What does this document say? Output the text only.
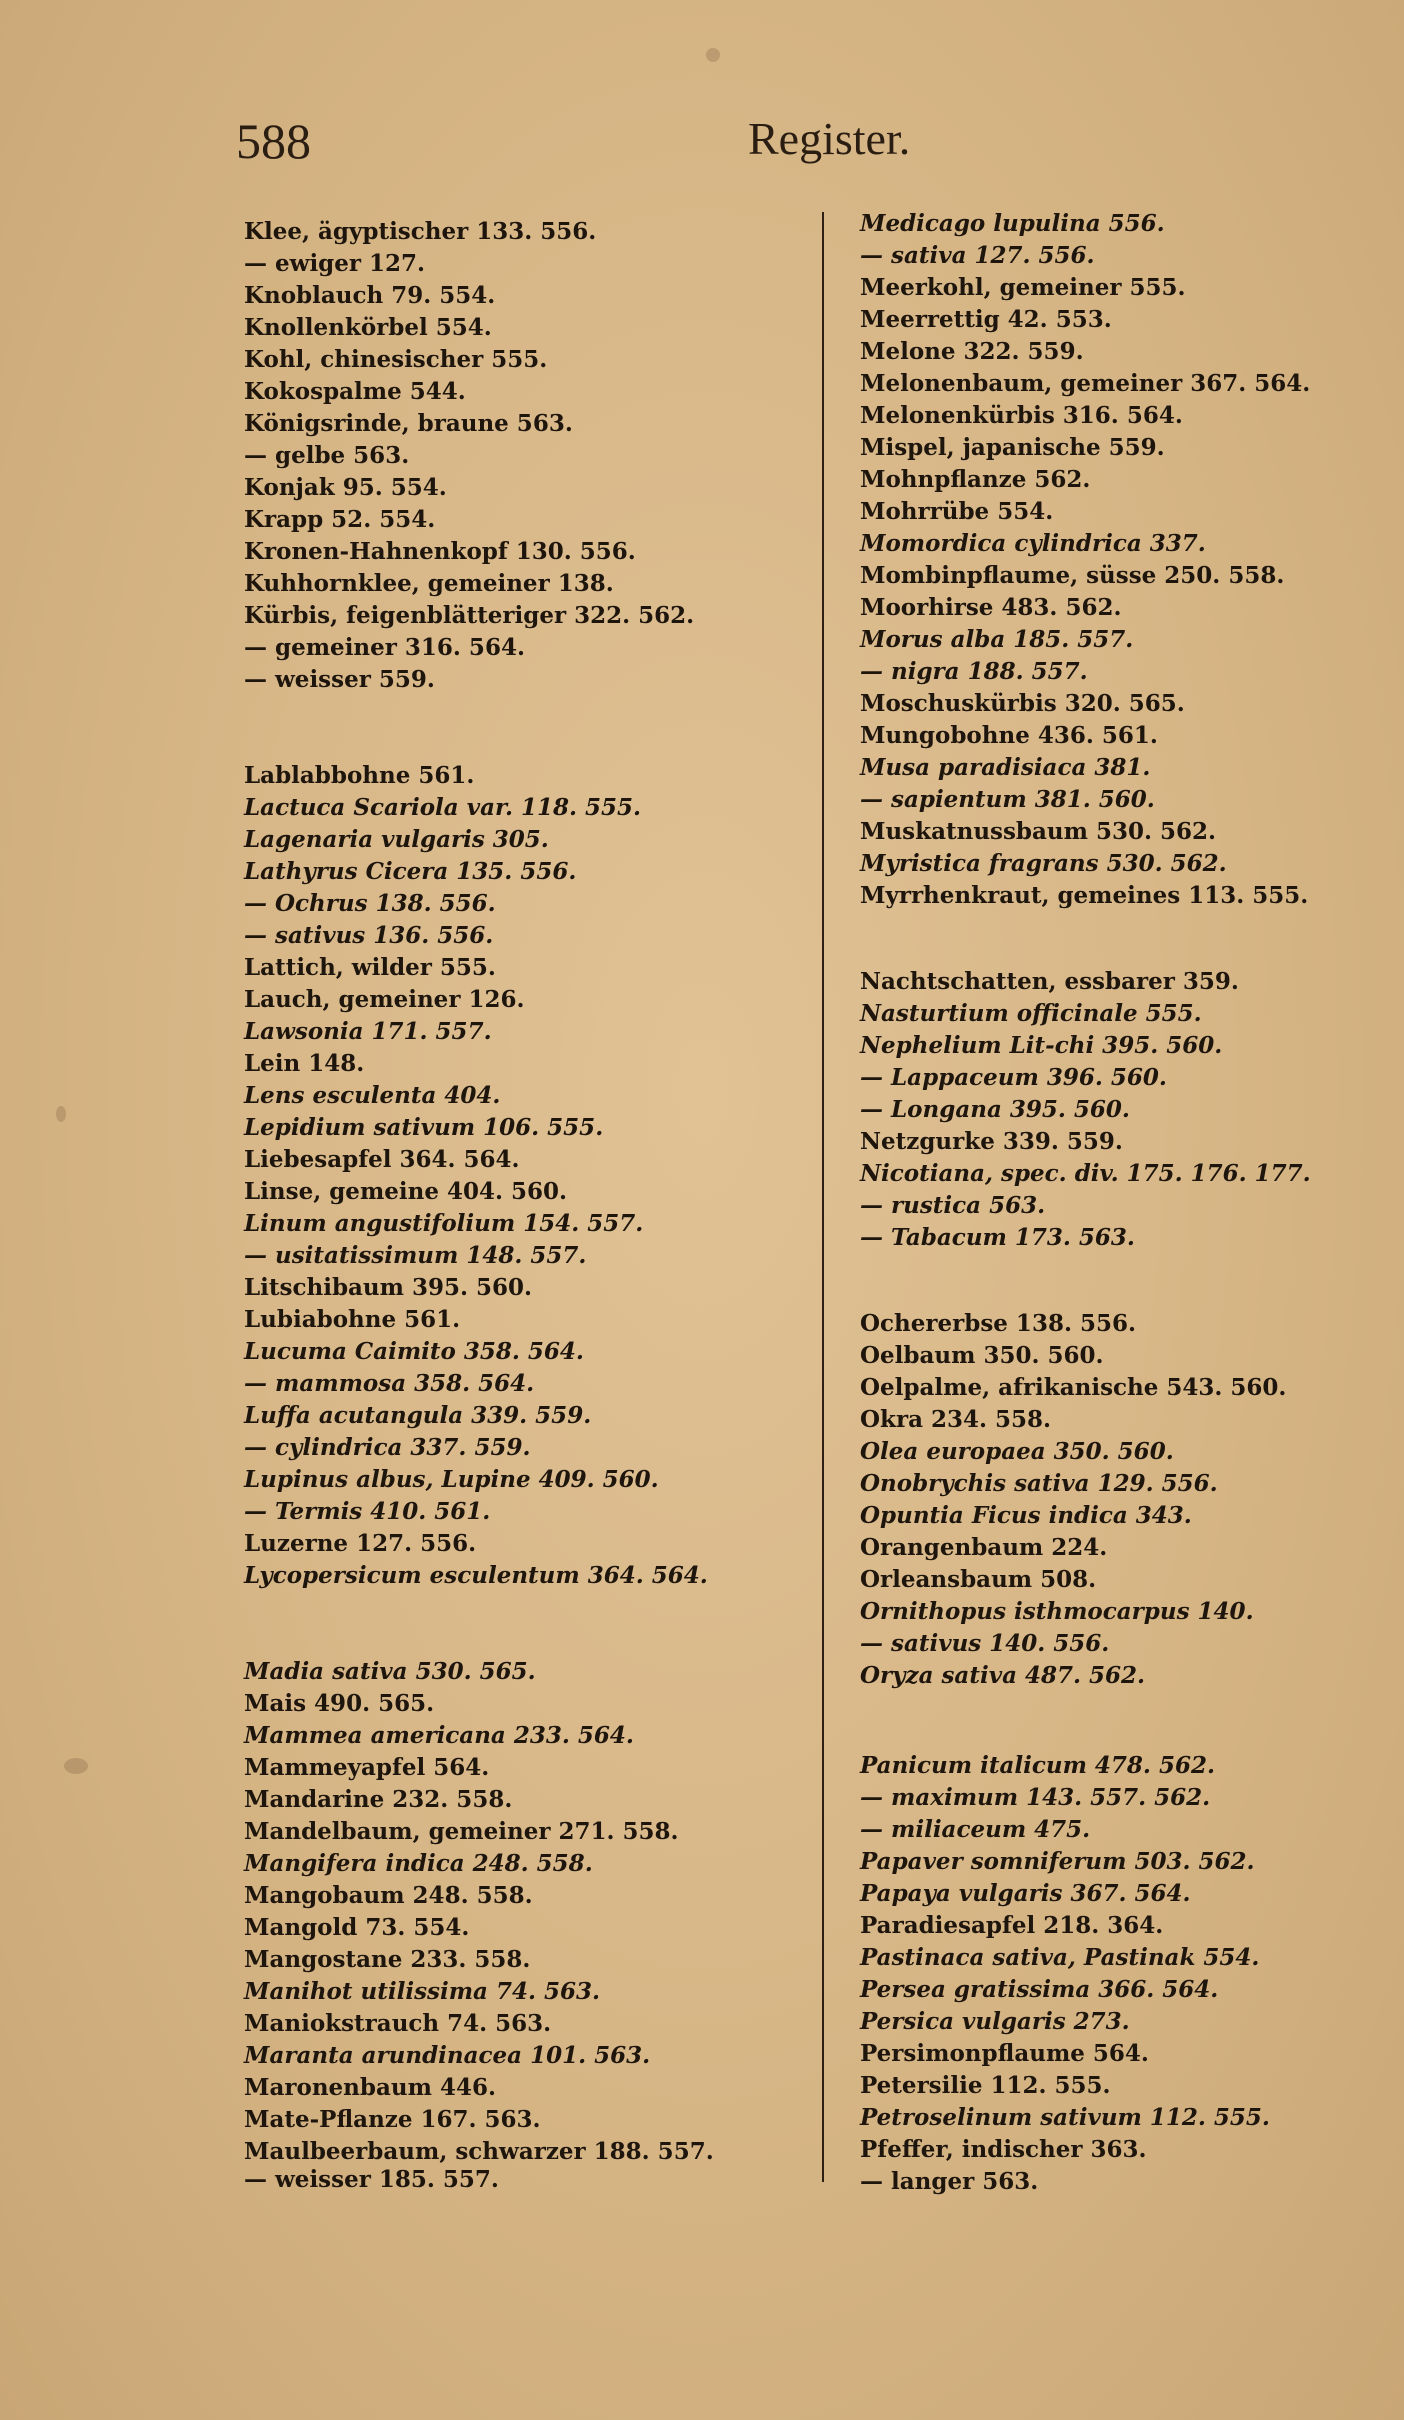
588	Register.
Klee, ägyptischer 133. 556.
— ewiger 127.
Knoblauch 79. 554.
Knollenkörbel 554.
Kohl, chinesischer 555.
Kokospalme 544.
Königsrinde, braune 563.
— gelbe 563.
Konjak 95. 554.
Krapp 52. 554.
Kronen-Hahnenkopf 130. 556.
Kuhhornklee, gemeiner 138.
Kürbis, feigenblätteriger 322. 562.
— gemeiner 316. 564.
— weisser 559.
Lablabbohne 561.
Lactuca Scariola var. 118. 555.
Lagenaria vulgaris 305.
Lathyrus Cicera 135. 556.
— Ochrus 138. 556.
— sativus 136. 556.
Lattich, wilder 555.
Lauch, gemeiner 126.
Lawsonia 171. 557.
Lein 148.
Lens esculenta 404.
Lepidium sativum 106. 555.
Liebesapfel 364. 564.
Linse, gemeine 404. 560.
Linum angustifolium 154. 557.
— usitatissimum 148. 557.
Litschibaum 395. 560.
Lubiabohne 561.
Lucuma Caimito 358. 564.
— mammosa 358. 564.
Luffa acutangula 339. 559.
— cylindrica 337. 559.
Lupinus albus, Lupine 409. 560.
— Termis 410. 561.
Luzerne 127. 556.
Lycopersicum esculentum 364. 564.
Madia sativa 530. 565.
Mais 490. 565.
Mammea americana 233. 564.
Mammeyapfel 564.
Mandarine 232. 558.
Mandelbaum, gemeiner 271. 558.
Mangifera indica 248. 558.
Mangobaum 248. 558.
Mangold 73. 554.
Mangostane 233. 558.
Manihot utilissima 74. 563.
Maniokstrauch 74. 563.
Maranta arundinacea 101. 563.
Maronenbaum 446.
Mate-Pflanze 167. 563.
Maulbeerbaum, schwarzer 188. 557.
— weisser 185. 557.
Medicago lupulina 556.
— sativa 127. 556.
Meerkohl, gemeiner 555.
Meerrettig 42. 553.
Melone 322. 559.
Melonenbaum, gemeiner 367. 564.
Melonenkürbis 316. 564.
Mispel, japanische 559.
Mohnpflanze 562.
Mohrrübe 554.
Momordica cylindrica 337.
Mombinpflaume, süsse 250. 558.
Moorhirse 483. 562.
Morus alba 185. 557.
— nigra 188. 557.
Moschuskürbis 320. 565.
Mungobohne 436. 561.
Musa paradisiaca 381.
— sapientum 381. 560.
Muskatnussbaum 530. 562.
Myristica fragrans 530. 562.
Myrrhenkraut, gemeines 113. 555.
Nachtschatten, essbarer 359.
Nasturtium officinale 555.
Nephelium Lit-chi 395. 560.
— Lappaceum 396. 560.
— Longana 395. 560.
Netzgurke 339. 559.
Nicotiana, spec. div. 175. 176. 177.
— rustica 563.
— Tabacum 173. 563.
Ochererbse 138. 556.
Oelbaum 350. 560.
Oelpalme, afrikanische 543. 560.
Okra 234. 558.
Olea europaea 350. 560.
Onobrychis sativa 129. 556.
Opuntia Ficus indica 343.
Orangenbaum 224.
Orleansbaum 508.
Ornithopus isthmocarpus 140.
— sativus 140. 556.
Oryza sativa 487. 562.
Panicum italicum 478. 562.
— maximum 143. 557. 562.
— miliaceum 475.
Papaver somniferum 503. 562.
Papaya vulgaris 367. 564.
Paradiesapfel 218. 364.
Pastinaca sativa, Pastinak 554.
Persea gratissima 366. 564.
Persica vulgaris 273.
Persimonpflaume 564.
Petersilie 112. 555.
Petroselinum sativum 112. 555.
Pfeffer, indischer 363.
— langer 563.
